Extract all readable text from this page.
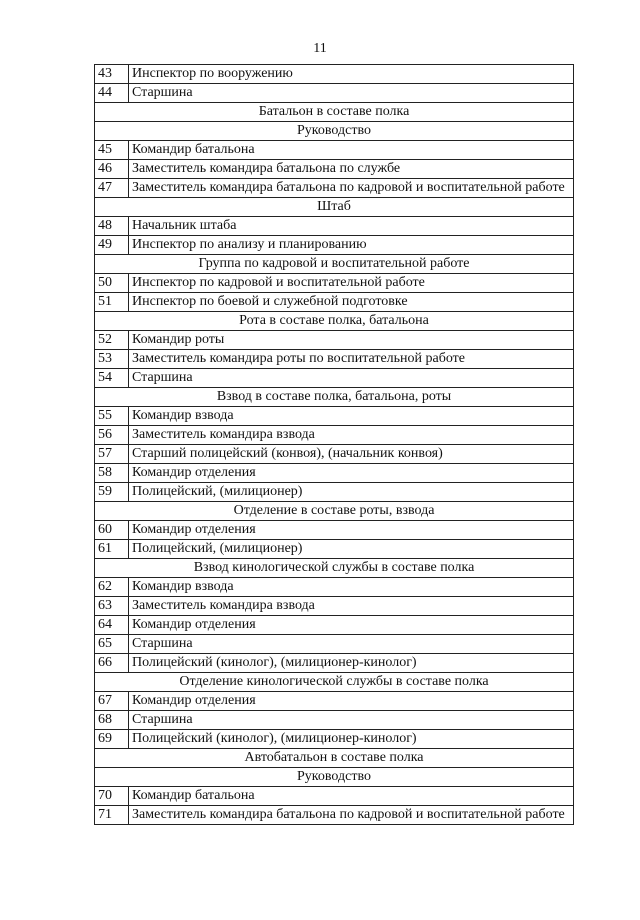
11
43	Инспектор по вооружению
44	Старшина
Батальон в составе полка	
Руководство	
45	Командир батальона
46	Заместитель командира батальона по службе
47	Заместитель командира батальона по кадровой и воспитательной работе
Штаб	
48	Начальник штаба
49	Инспектор по анализу и планированию
Группа по кадровой и воспитательной работе	
50	Инспектор по кадровой и воспитательной работе
51	Инспектор по боевой и служебной подготовке
Рота в составе полка, батальона	
52	Командир роты
53	Заместитель командира роты по воспитательной работе
54	Старшина
Взвод в составе полка, батальона, роты	
55	Командир взвода
56	Заместитель командира взвода
57	Старший полицейский (конвоя), (начальник конвоя)
58	Командир отделения
59	Полицейский, (милиционер)
Отделение в составе роты, взвода	
60	Командир отделения
61	Полицейский, (милиционер)
Взвод кинологической службы в составе полка	
62	Командир взвода
63	Заместитель командира взвода
64	Командир отделения
65	Старшина
66	Полицейский (кинолог), (милиционер-кинолог)
Отделение кинологической службы в составе полка	
67	Командир отделения
68	Старшина
69	Полицейский (кинолог), (милиционер-кинолог)
Автобатальон в составе полка	
Руководство	
70	Командир батальона
71	Заместитель командира батальона по кадровой и воспитательной работе
